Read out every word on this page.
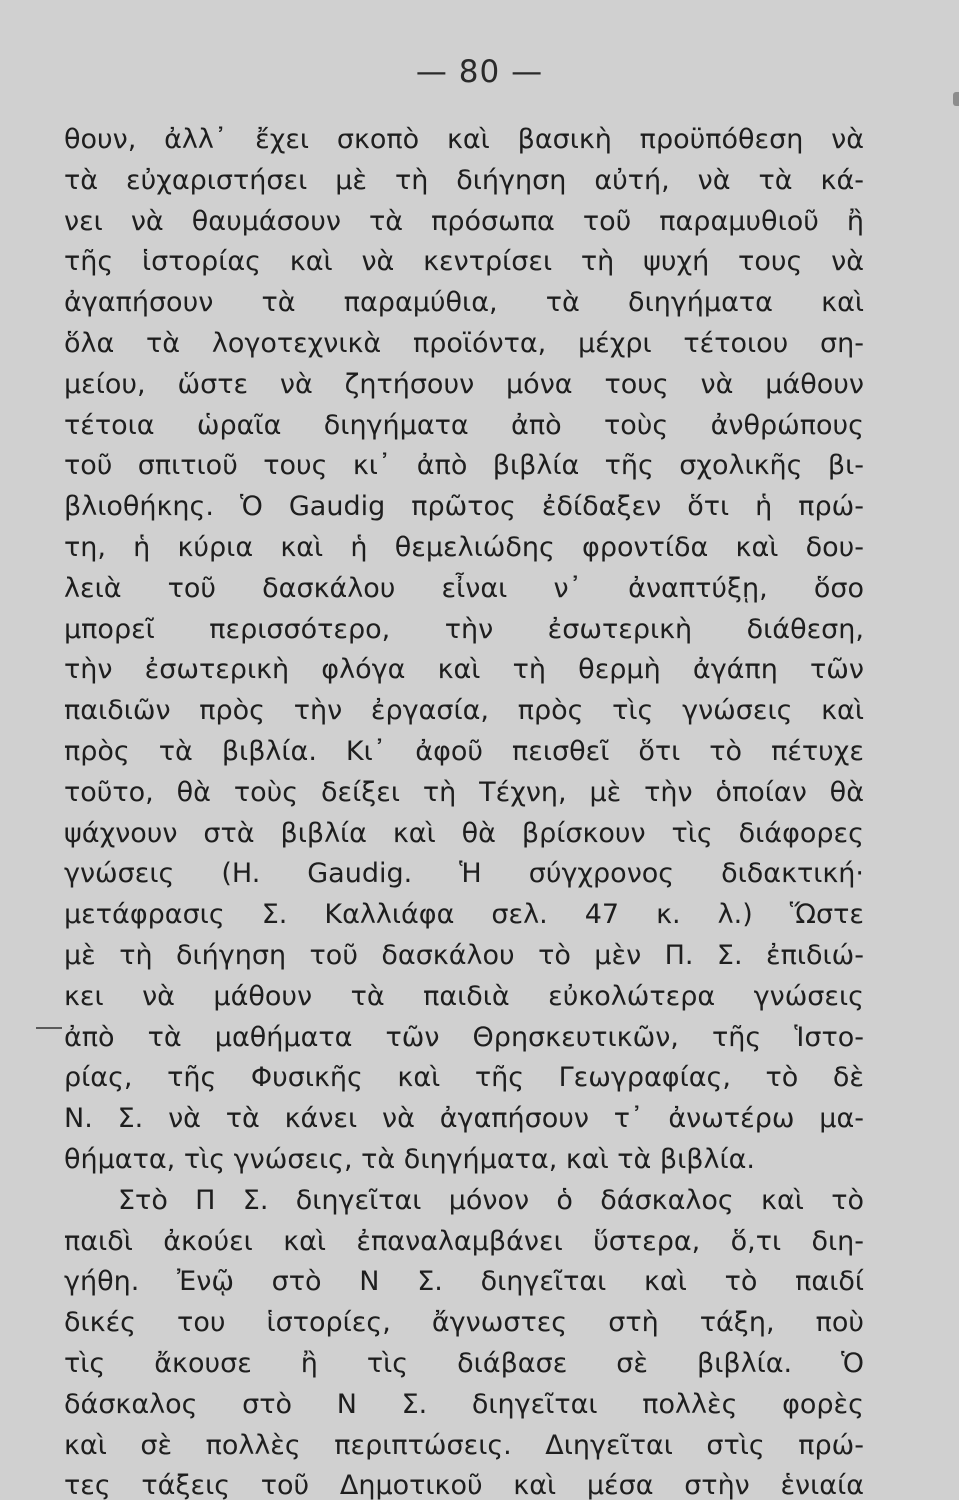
— 80 —
θουν, ἀλλ᾽ ἔχει σκοπὸ καὶ βασικὴ προϋπόθεση νὰ
τὰ εὐχαριστήσει μὲ τὴ διήγηση αὐτή, νὰ τὰ κά-
νει νὰ θαυμάσουν τὰ πρόσωπα τοῦ παραμυθιοῦ ἢ
τῆς ἱστορίας καὶ νὰ κεντρίσει τὴ ψυχή τους νὰ
ἀγαπήσουν τὰ παραμύθια, τὰ διηγήματα καὶ
ὅλα τὰ λογοτεχνικὰ προϊόντα, μέχρι τέτοιου ση-
μείου, ὥστε νὰ ζητήσουν μόνα τους νὰ μάθουν
τέτοια ὡραῖα διηγήματα ἀπὸ τοὺς ἀνθρώπους
τοῦ σπιτιοῦ τους κι᾽ ἀπὸ βιβλία τῆς σχολικῆς βι-
βλιοθήκης. Ὁ Gaudig πρῶτος ἐδίδαξεν ὅτι ἡ πρώ-
τη, ἡ κύρια καὶ ἡ θεμελιώδης φροντίδα καὶ δου-
λειὰ τοῦ δασκάλου εἶναι ν᾽ ἀναπτύξῃ, ὅσο
μπορεῖ περισσότερο, τὴν ἐσωτερικὴ διάθεση,
τὴν ἐσωτερικὴ φλόγα καὶ τὴ θερμὴ ἀγάπη τῶν
παιδιῶν πρὸς τὴν ἐργασία, πρὸς τὶς γνώσεις καὶ
πρὸς τὰ βιβλία. Κι᾽ ἀφοῦ πεισθεῖ ὅτι τὸ πέτυχε
τοῦτο, θὰ τοὺς δείξει τὴ Τέχνη, μὲ τὴν ὁποίαν θὰ
ψάχνουν στὰ βιβλία καὶ θὰ βρίσκουν τὶς διάφορες
γνώσεις (H. Gaudig. Ἡ σύγχρονος διδακτική·
μετάφρασις Σ. Καλλιάφα σελ. 47 κ. λ.) Ὥστε
μὲ τὴ διήγηση τοῦ δασκάλου τὸ μὲν Π. Σ. ἐπιδιώ-
κει νὰ μάθουν τὰ παιδιὰ εὐκολώτερα γνώσεις
ἀπὸ τὰ μαθήματα τῶν Θρησκευτικῶν, τῆς Ἱστο-
ρίας, τῆς Φυσικῆς καὶ τῆς Γεωγραφίας, τὸ δὲ
Ν. Σ. νὰ τὰ κάνει νὰ ἀγαπήσουν τ᾽ ἀνωτέρω μα-
θήματα, τὶς γνώσεις, τὰ διηγήματα, καὶ τὰ βιβλία.
Στὸ Π Σ. διηγεῖται μόνον ὁ δάσκαλος καὶ τὸ
παιδὶ ἀκούει καὶ ἐπαναλαμβάνει ὕστερα, ὅ,τι διη-
γήθη. Ἐνῷ στὸ Ν Σ. διηγεῖται καὶ τὸ παιδί
δικές του ἱστορίες, ἄγνωστες στὴ τάξη, ποὺ
τὶς ἄκουσε ἢ τὶς διάβασε σὲ βιβλία. Ὁ
δάσκαλος στὸ Ν Σ. διηγεῖται πολλὲς φορὲς
καὶ σὲ πολλὲς περιπτώσεις. Διηγεῖται στὶς πρώ-
τες τάξεις τοῦ Δημοτικοῦ καὶ μέσα στὴν ἑνιαία
